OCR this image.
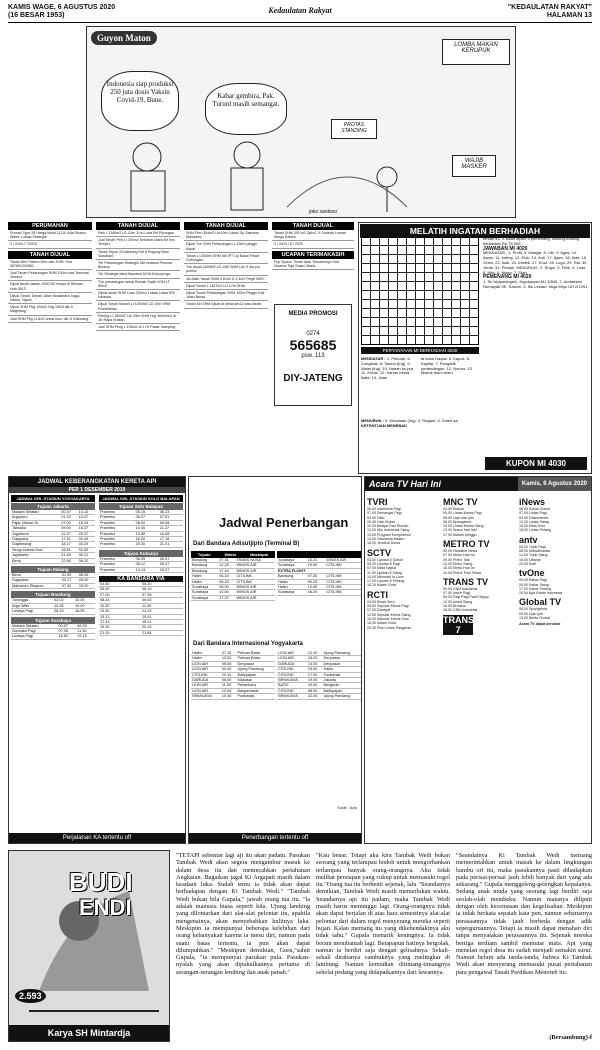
KAMIS WAGE, 6 AGUSTUS 2020
(16 BESAR 1953)
Kedaulatan Rakyat	"KEDAULATAN RAKYAT"
HALAMAN 13
Guyon Maton
Indonesia siap produksi 250 juta dosis Vaksin Covid-19, Bune.	Kabar gembira, Pak. Turunl masih semangat.
LOMBA MAKAN KERUPUK
PROTAS STANDING
WAJIB MASKER
joko santoso
PERUMAHAN

Rumah Type 28 Harga Mulai 212Jt, Ada Diskon Walet, Lokasi Strategis.

3 / 0194 / 7/2020

TANAH DIJUAL

Tanah Dire Pakem 90m dan SHM. Hub 087891234561

Jual Tanah Pekarangan SHM 100m luas Terminal Jombor.

Dijual tanah sawah 1000 M2 mulus di Sleman, Hub 0812.

Dijual Tanah, Depan Jalan Nusantara Jogja-Wates, Ngoto.

Dijual SHM Pkg 124m2 Hrg 150Jt dkt Jl Magelang.

Jual SHM Pkg 113m2 untuk kios, dkt Jl Kaliurang.

TANAH DIJUAL

Pekr LT160m2 LD 10m Jl on Loka Brt Piyungan.

Jual Tanah Peb Lt 200m2 Sebelah Utara Kb Kec Tempel.

Tanah Dijual Jl Kaliurang KM 8 Pogung Baru Sawitsari.

Trh Pekarangan Strategis Dkt Instansi Pesona Buntuq.

Trh Strategis deka Bandara NYIA Kulonprogo.

Tnh pekarangan dekat Rumah Sakit UGM LT 80m2.

Dijual tanah SHM Luas 200m2 Lokasi Utara RSI Kalasan.

Dijual Tanah Sawah Lt 1000m2 LD 10m SHM Prambanan.

Peking L1 800m2 Lbr 33m SHM Hrg 380rb/m2 di Jln Raya Krakap.

Jual SHM Pkng L 105m2 di 1 Hr Pasar Gamping.

TANAH DIJUAL

SHM Plm=354m2 Lbr19m Lokasi Sp Sakraha Malaraha.

Dijual Tnh SHM Pekarangan Lt 130m pinggir Aspal.

Tanah L=2600m SHM tdk IPT Lip Basal Pasar Gobongan.

Tnh dijual L600M2 LD 10M SHM Lok S sia pur pureta.

Jln Allah Tanah SHM 211m2 S.3,4m2 Pingil SMS.

Dijual Tanah L 1187m2 LD 17m SHM.

Dijual Tanah Pekarangan SHM 102m Pinggir Kali Jalan Besar.

Tanah Kb SHM Dijual di dekat km12 satu tanah.

TANAH DIJUAL

Tanah SHM 200 m2 2jt/m2 Ji Godean Lemah Mergo Bantul.

3 / 0024 / 8 / 2020

UCAPAN TERIMAKASIH

Puji Syukur Tuhan Atas Terkabulnya Doa Novena Tiga Salam Maria.

MEDIA PROMOSI
0274
565685
psw. 113
DIY-JATENG
MELATIH INGATAN BERHADIAH
PERTANYAAN MI BERHADIAH 3040
MENDATAR : 1. Periode. 5. Congklak. 8. Tawon (Ing). 9. Waist (Ing). 10. Hasan ke-pra. 11. Emas. 12. Kantor berita Italia. 14. Jalar.
ta buku Dayak. 5. Kapok. 6. Kapital. 7. Pengadil pertandingan. 12. Nomor. 13. Masuk diam-diam.
MENURUN : 2. Kesatuan (Ing). 3. Ragam. 4. Saleh sa-
KETENTUAN MENEBAK
terban ini. 3. Akan dipilih 3 pemenang, masing-masing berhadiah Rp 75.000,-
JAWABAN MI 4020
MENDATAR : 1. Profil. 5. Mangsi. 8. Ubi. 9. Ages. 10. Awan. 11. Ireting. 12. Elok. 14. Anti. 17. Agen. 18. Alas. 19. Gram. 22. Isak. 24. Intelek. 27. Knot. 28. Lugu. 29. Ria. 30. Jerak. 31. Pindah. MENURUN : 2. Rogol. 3. Fisik. 4. Luas. 5. Mini. 6. Nisan. 7. Start.
PEMENANG MI 4020
1. Sri Mulyaningsih, Jogokaryan MJ 3/545. 2. Ambarsari Nurhayati SE, Sewon. 3. Ibu Lestari, Muja Muju UH 2/1091.
KUPON MI 4030
JADWAL KEBERANGKATAN KERETA API
PER 1 DESEMBER 2019
JADWAL KRL STASIUN YOGYAKARTA
Tujuan Jakarta
Mutiara Selatan	00.37	10.10
Argopuro	01.00	10.47
Fajar Utama Yk	07.00	15.15
Taksaka	09.00	16.37
Jogokerto	11.37	20.37
Gajayana	17.31	02.44
Gajahwong	18.17	02.20
Senja Utama Solo	18.51	02.40
Jayakarta	21.45	06.12
Bima	22.56	06.12
Tujuan Malang
Bima	01.59	08.25
Gajayana	02.17	09.00
Malioboro Ekspres	07.30	15.20
Tujuan Bandung
Turangga	02.02	10.04
Argo Wilis	10.36	19.00
Lodaya Pagi	08.20	16.05
Tujuan Surabaya
Mutiara Selatan	00.37	06.39
Sancaka Pagi	07.05	11.45
Lodaya Pagi	16.50	19.15
JADWAL KRL STASIUN SOLO BALAPAN
Tujuan Solo Balapan
Prameks	05.15	06.23
Prameks	06.27	07.51
Prameks	08.00	09.08
Prameks	10.45	11.27
Prameks	13.06	14.08
Prameks	16.00	17.18
Prameks	20.35	21.01
Tujuan Kutoarjo
Prameks	06.05	06.57
Prameks	08.12	09.27
Prameks	14.13	15.07
KA BANDARA YIA
04.40	05.20
05.40	06.19
07.00	07.39
08.33	09.03
10.30	11.09
13.40	14.19
15.12	15.51
17.33	18.11
19.40	20.19
21.15	21.54
Perjalanan KA tertentu off
Jadwal Penerbangan
Dari Bandara Adisutjipto (Terminal B)
Tujuan	Waktu	Maskapai
Bandung	07.31	TRANS NUSA
Bandung	12.25	WINGS AIR
Bandung	17.44	WINGS AIR
Halim	06.15	CITILINK
Halim	08.33	CITILINK
Surabaya	08.00	WINGS AIR
Surabaya	10.50	WINGS AIR
Surabaya	17.37	WINGS AIR

Surabaya	15.21	WINGS AIR
Surabaya	19.40	CITILINK
EXTRA FLIGHT		
Bandung	07.30	CITILINK
Halim	06.15	CITILINK
Halim	10.30	CITILINK
Surabaya	08.20	CITILINK
Dari Bandara Internasional Yogyakarta
Halim	07.15	Pelican Batra
Halim	12.20	Pelican Batra
LION AIR	05.00	Denpasar
LION AIR	09.40	Ujung Pandang
CITILINK	10.14	Balikpapan
GARUDA	06.00	Makasar
LION AIR	11.00	Pekanbaru
LION AIR	12.00	Banjarmasin
SRIWIJAYA	10.40	Pontianak
LION AIR	12.40	Ujung Pandang
LION AIR	15.00	Denpasar
GARUDA	14.00	Denpasar
CITILINK	15.00	Halim
CITILINK	17.00	Pontianak
SRIWIJAYA	19.00	Jakarta
BATIK	10.00	Bengkulu
CITILINK	08.00	Balikpapan
SRIWIJAYA	22.00	Ujung Pandang
Kode : Ario
Penerbangan tertentu off
Acara TV Hari Ini	Kamis, 6 Agustus 2020
TVRI
06.00 Indonesia Pagi
07.00 Semangat Pagi
09.00 Halo
09.45 Halo Bubar
10.00 Belajar Dari Rumah
12.00 Klik Indonesia Siang
13.00 Program Kompetensi
14.00 Indonesia Malam
16.00 Jendela Dunia
SCTV
03.00 Liputan 6 Subuh
05.30 Liputan 6 Pagi
07.00 Mata Najwa
11.00 Liputan 6 Siang
14.00 Mermaid In Love
17.00 Liputan 6 Petang
18.15 Ikatan Cinta
RCTI
04.00 Kisah Seru
05.00 Seputar iNews Pagi
07.00 Dahsyat
12.00 Seputar iNews Siang
16.00 Seputar iNews Sore
18.30 Ikatan Cinta
20.30 Putri Untuk Pangeran
MNC TV
04.00 Kultum
05.00 Lintas iNews Pagi
06.00 Upin dan Ipin
08.00 Spongebob
10.00 Lintas iNews Siang
13.00 Suara Hati Istri
17.00 Malam Minggu
METRO TV
05.00 Headline News
07.00 Metro Hari Ini
09.00 Prime Talk
12.00 Metro Siang
16.00 Metro Hari Ini
19.00 Prime Time News
TRANS TV
05.00 CNN Indonesia
07.00 Insert Pagi
09.00 Pagi Pagi Pasti Happy
12.00 Insert Siang
16.00 Brownis
18.00 CNN Indonesia
TRANS 7
iNews
06.00 Kuliah Subuh
07.00 Lintas Pagi
09.00 Dokumenter
12.00 Lintas Siang
15.00 Kilas Sore
18.00 Lintas Petang
antv
05.00 Topik Pagi
08.00 Mahabharata
12.00 Topik Siang
16.00 Uttaran
20.00 Kulfi
tvOne
05.00 Kabar Pagi
09.00 Kabar Siang
17.00 Kabar Petang
20.00 Apa Kabar Indonesia
Global TV
06.00 Spongebob
09.00 Upin Ipin
13.00 Berita Global
Acara TV dapat berubah
BUDI
ENDI
2.593
Karya SH Mintardja
"TETAPI sebentar lagi aji itu akan padam. Pasukan Tambak Wedi akan segera mengambur masuk ke dalam desa itu dan memecahkan pertahanan Angkatan. Bagaikan jagal Ki Argapati masih dalam keadaan luka. Sudah tentu ia tidak akan dapat berhadapan dengan Ki Tambak Wedi." "Tambak Wedi bukan bila Gupala," jawab orang tua itu. "la adalah manusia biasa seperti kita. Ujung lambing yang dilontarkan dari alat-alat pelontar itu, apabila mengenainya, akan menyebabkan kulitnya luka. Meskipun ia mempunyai beberapa kelebihan dari orang kebanyakan karena ia mesu diri, namun pada suatu batas tertentu, ia pun akan dapat dilumpuhkan." "Meskipun demikian, Guru,"sahut Gupala, "ia mempunyai pasukan pula. Pasukan-nyalah yang akan dipukulkannya pertama di serangan-serangan lembing dan anak panah."
"Kau benar. Tetapi aku kira Tambak Wedi bukan seorang yang terlampau bodoh untuk mengorbankan terlampau banyak orang-orangnya. Aku tidak melihat persiapan yang cukup untuk memasuki regol itu."Orang tua itu berhenti sejenak, lalu "Seandainya demikian, Tambak Wedi masih memerlukan waktu. Seandainya api itu padam, maka Tambak Wedi masih harus menunggu lagi. Orang-orangnya tidak akan dapat berjalan di atas bara semestinya alat-alat pelontar dari dalam regol menyerang mereka seperti hujan. Kalau memang itu yang dikehendakinya aku tidak tahu." Gupala menarik keningnya. Ia tidak berani membantah lagi. Betapapun hatinya bergolak, namun ia berdiri saja dengan gelisahnya. Sekali-sekali dirabanya cambuknya yang melingkar di lambung. Namun kemudian ditimang-timangnya sehelai pedang yang didapatkannya dari lawannya.
"Seandainya Ki Tambak Wedi memang memerintahkan untuk masuk ke dalam lingkungan bambu ori itu, maka pasukannya pasti dihadapkan pada perisai-perisai jauh lebih banyak dari yang ada sekarang." Gupala menggeleng-gelengkan kepalanya. Sedang anak muda yang seorang lagi berdiri saja seolah-olah membeku. Namun matanya diliputi dengan oleh kecemasan dan kegelisahan. Meskipun ia tidak berkata sepatah kata pun, namun sebenarnya perasaannya tidak jauh berbeda dengan adik seperguruannya. Tetapi ia masih dapat menahan diri tanpa menyatakan perasaannya itu. Sejenak mereka bertiga terdiam sambil memutar mata. Api yang menelan regol desa itu sudah menjadi semakin surut. Namun belum ada tanda-tanda, bahwa Ki Tambak Wedi akan menyerang memasuki pusat pertahanan para pengawal Tanah Perdikan Menoreh itu.
(Bersambung)-f
